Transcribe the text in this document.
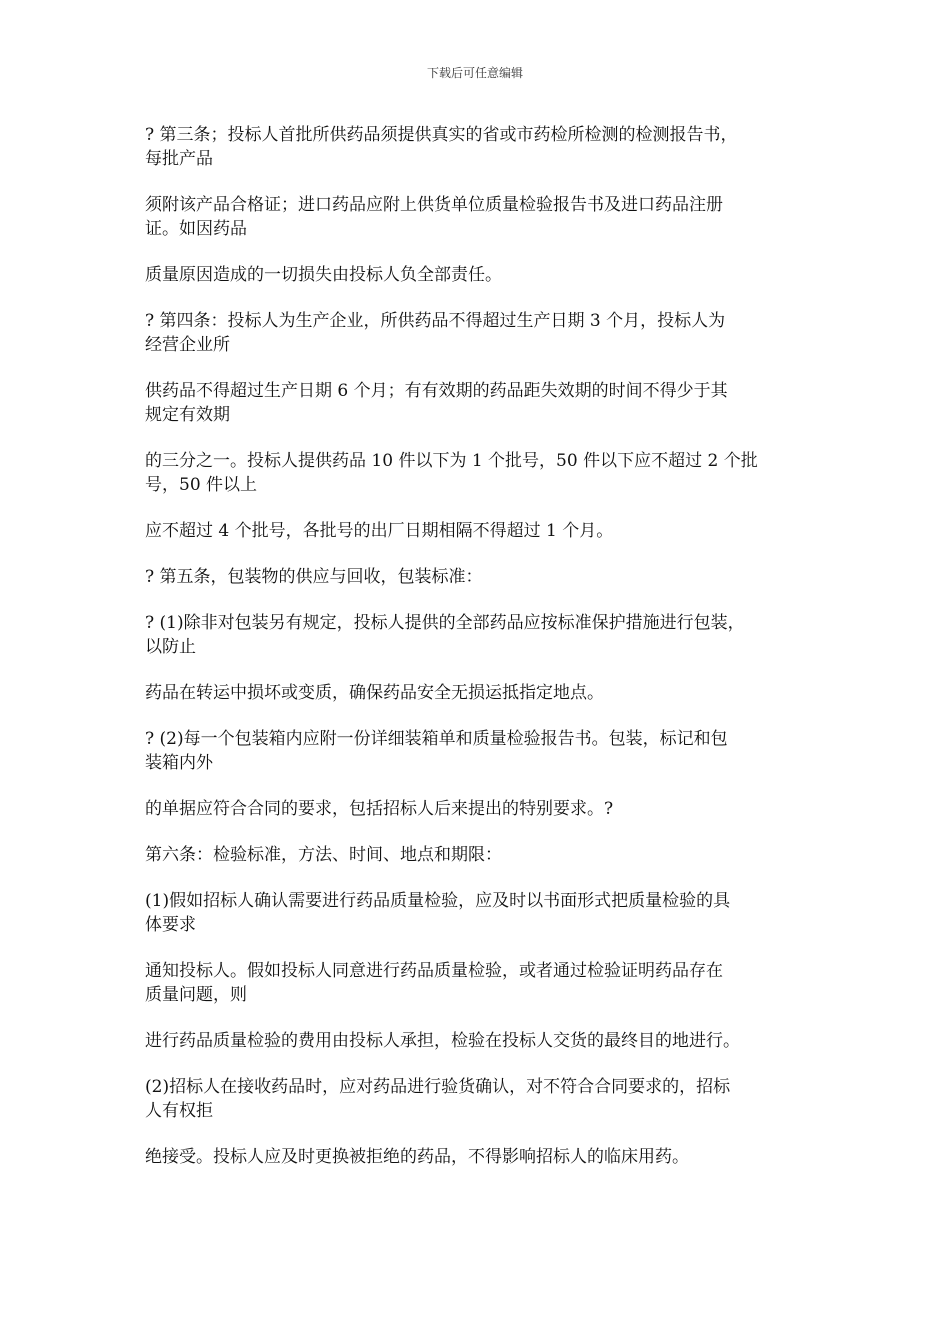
下载后可任意编辑

? 第三条；投标人首批所供药品须提供真实的省或市药检所检测的检测报告书，
每批产品

须附该产品合格证；进口药品应附上供货单位质量检验报告书及进口药品注册
证。如因药品

质量原因造成的一切损失由投标人负全部责任。

? 第四条：投标人为生产企业，所供药品不得超过生产日期 3 个月，投标人为
经营企业所

供药品不得超过生产日期 6 个月；有有效期的药品距失效期的时间不得少于其
规定有效期

的三分之一。投标人提供药品 10 件以下为 1 个批号，50 件以下应不超过 2 个批
号，50 件以上

应不超过 4 个批号，各批号的出厂日期相隔不得超过 1 个月。

? 第五条，包装物的供应与回收，包装标准：

? (1)除非对包装另有规定，投标人提供的全部药品应按标准保护措施进行包装，
以防止

药品在转运中损坏或变质，确保药品安全无损运抵指定地点。

? (2)每一个包装箱内应附一份详细装箱单和质量检验报告书。包装，标记和包
装箱内外

的单据应符合合同的要求，包括招标人后来提出的特别要求。?

第六条：检验标准，方法、时间、地点和期限：

(1)假如招标人确认需要进行药品质量检验，应及时以书面形式把质量检验的具
体要求

通知投标人。假如投标人同意进行药品质量检验，或者通过检验证明药品存在
质量问题，则

进行药品质量检验的费用由投标人承担，检验在投标人交货的最终目的地进行。

(2)招标人在接收药品时，应对药品进行验货确认，对不符合合同要求的，招标
人有权拒

绝接受。投标人应及时更换被拒绝的药品，不得影响招标人的临床用药。
